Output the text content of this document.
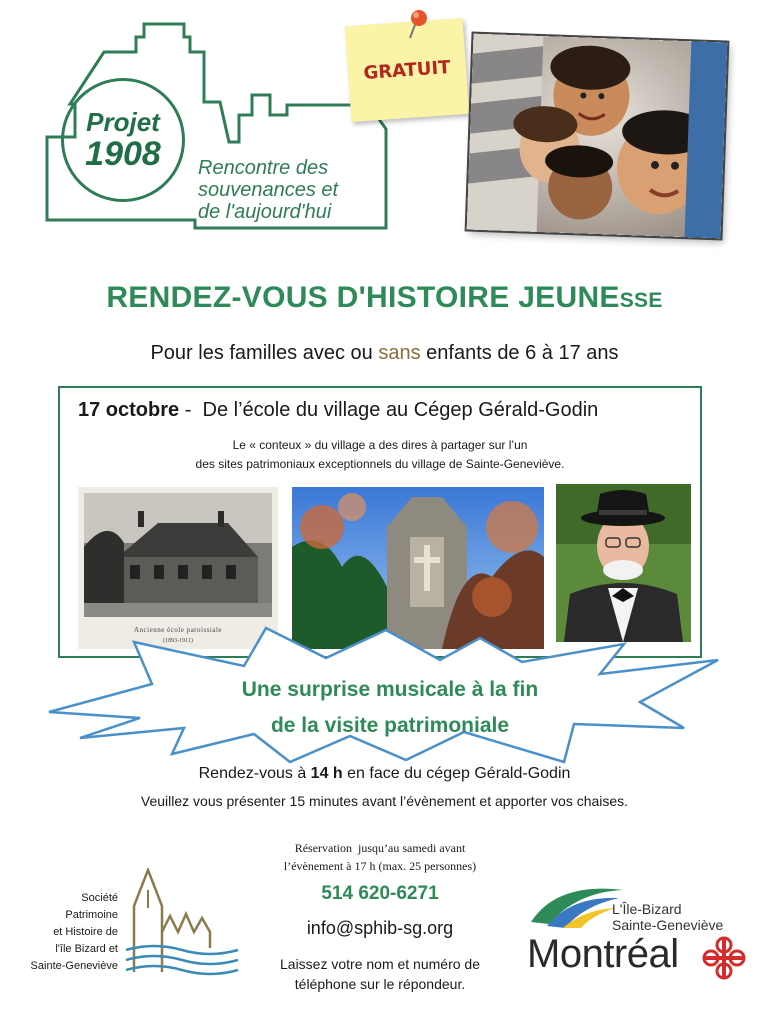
Projet
1908 Rencontre des
souvenances et
de l'aujourd'hui
GRATUIT
RENDEZ-VOUS D'HISTOIRE JEUNESSE
Pour les familles avec ou sans enfants de 6 à 17 ans
17 octobre -  De l’école du village au Cégep Gérald-Godin
Le « conteux » du village a des dires à partager sur l’un
des sites patrimoniaux exceptionnels du village de Sainte-Geneviève.
Ancienne école paroissiale
(1893-1911)
Une surprise musicale à la fin
de la visite patrimoniale
Rendez-vous à 14 h en face du cégep Gérald-Godin
Veuillez vous présenter 15 minutes avant l’évènement et apporter vos chaises.
Réservation  jusqu’au samedi avant
l’évènement à 17 h (max. 25 personnes)
514 620-6271
info@sphib-sg.org
Laissez votre nom et numéro de
téléphone sur le répondeur.
Société
Patrimoine
et Histoire de
l'île Bizard et
Sainte-Geneviève
L'Île-Bizard
Sainte-Geneviève
Montréal
